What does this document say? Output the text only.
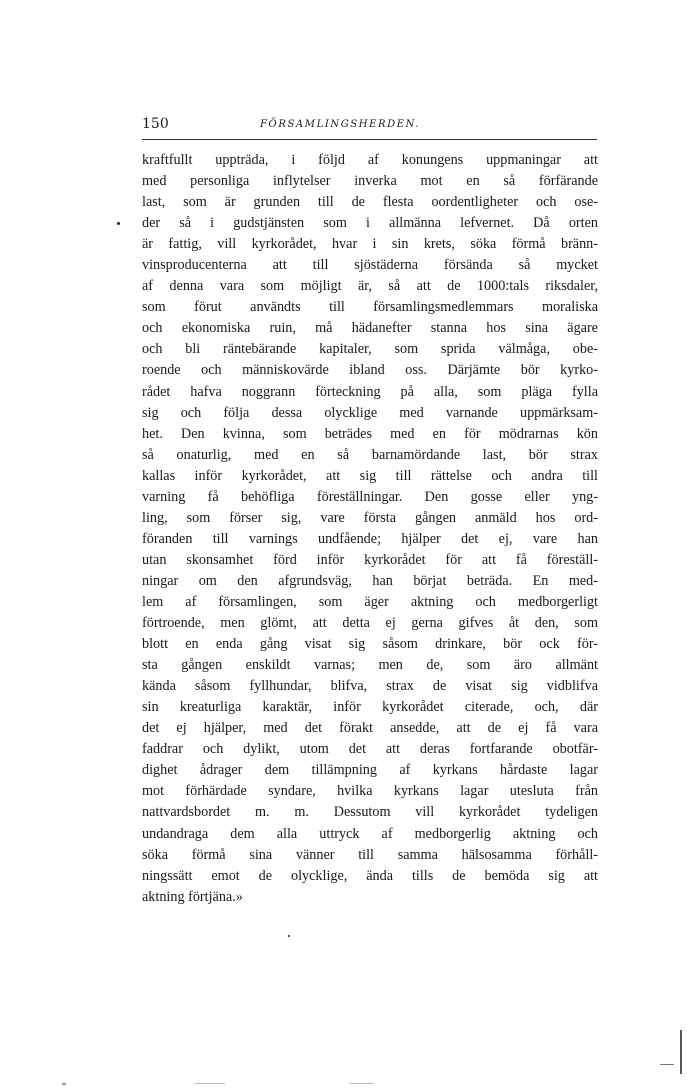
150	FÖRSAMLINGSHERDEN.
kraftfullt uppträda, i följd af konungens uppmaningar att
med personliga inflytelser inverka mot en så förfärande
last, som är grunden till de flesta oordentligheter och ose-
der så i gudstjänsten som i allmänna lefvernet. Då orten
är fattig, vill kyrkorådet, hvar i sin krets, söka förmå bränn-
vinsproducenterna att till sjöstäderna försända så mycket
af denna vara som möjligt är, så att de 1000:tals riksdaler,
som förut användts till församlingsmedlemmars moraliska
och ekonomiska ruin, må hädanefter stanna hos sina ägare
och bli räntebärande kapitaler, som sprida välmåga, obe-
roende och människovärde ibland oss. Därjämte bör kyrko-
rådet hafva noggrann förteckning på alla, som pläga fylla
sig och följa dessa olycklige med varnande uppmärksam-
het. Den kvinna, som beträdes med en för mödrarnas kön
så onaturlig, med en så barnamördande last, bör strax
kallas inför kyrkorådet, att sig till rättelse och andra till
varning få behöfliga föreställningar. Den gosse eller yng-
ling, som förser sig, vare första gången anmäld hos ord-
föranden till varnings undfående; hjälper det ej, vare han
utan skonsamhet förd inför kyrkorådet för att få föreställ-
ningar om den afgrundsväg, han börjat beträda. En med-
lem af församlingen, som äger aktning och medborgerligt
förtroende, men glömt, att detta ej gerna gifves åt den, som
blott en enda gång visat sig såsom drinkare, bör ock för-
sta gången enskildt varnas; men de, som äro allmänt
kända såsom fyllhundar, blifva, strax de visat sig vidblifva
sin kreaturliga karaktär, inför kyrkorådet citerade, och, där
det ej hjälper, med det förakt ansedde, att de ej få vara
faddrar och dylikt, utom det att deras fortfarande obotfär-
dighet ådrager dem tillämpning af kyrkans hårdaste lagar
mot förhärdade syndare, hvilka kyrkans lagar utesluta från
nattvardsbordet m. m. Dessutom vill kyrkorådet tydeligen
undandraga dem alla uttryck af medborgerlig aktning och
söka förmå sina vänner till samma hälsosamma förhåll-
ningssätt emot de olycklige, ända tills de bemöda sig att
aktning förtjäna.»
